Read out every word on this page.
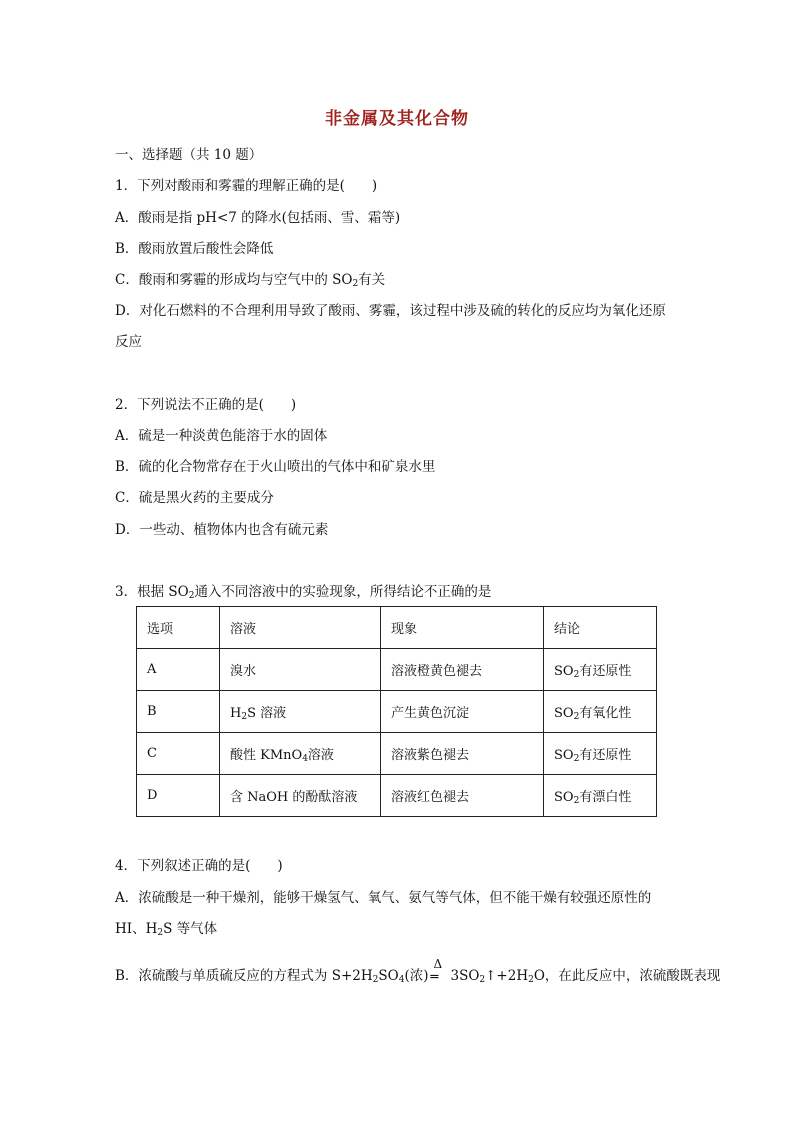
非金属及其化合物
一、选择题（共 10 题）
1．下列对酸雨和雾霾的理解正确的是(　　)
A．酸雨是指 pH<7 的降水(包括雨、雪、霜等)
B．酸雨放置后酸性会降低
C．酸雨和雾霾的形成均与空气中的 $SO_2$有关
D．对化石燃料的不合理利用导致了酸雨、雾霾，该过程中涉及硫的转化的反应均为氧化还原
反应
2．下列说法不正确的是(　　)
A．硫是一种淡黄色能溶于水的固体
B．硫的化合物常存在于火山喷出的气体中和矿泉水里
C．硫是黑火药的主要成分
D．一些动、植物体内也含有硫元素
3．根据 $SO_2$通入不同溶液中的实验现象，所得结论不正确的是
选项	溶液	现象	结论
A	溴水	溶液橙黄色褪去	$SO_2$有还原性
B	$H_2S$ 溶液	产生黄色沉淀	$SO_2$有氧化性
C	酸性 KMnO$_4$溶液	溶液紫色褪去	$SO_2$有还原性
D	含 NaOH 的酚酞溶液	溶液红色褪去	$SO_2$有漂白性
4．下列叙述正确的是(　　)
A．浓硫酸是一种干燥剂，能够干燥氢气、氧气、氨气等气体，但不能干燥有较强还原性的
HI、$H_2S$ 等气体
B．浓硫酸与单质硫反应的方程式为 $S+2H_2SO_4$(浓)
Δ
═ $3SO_2↑+2H_2O$，在此反应中，浓硫酸既表现
